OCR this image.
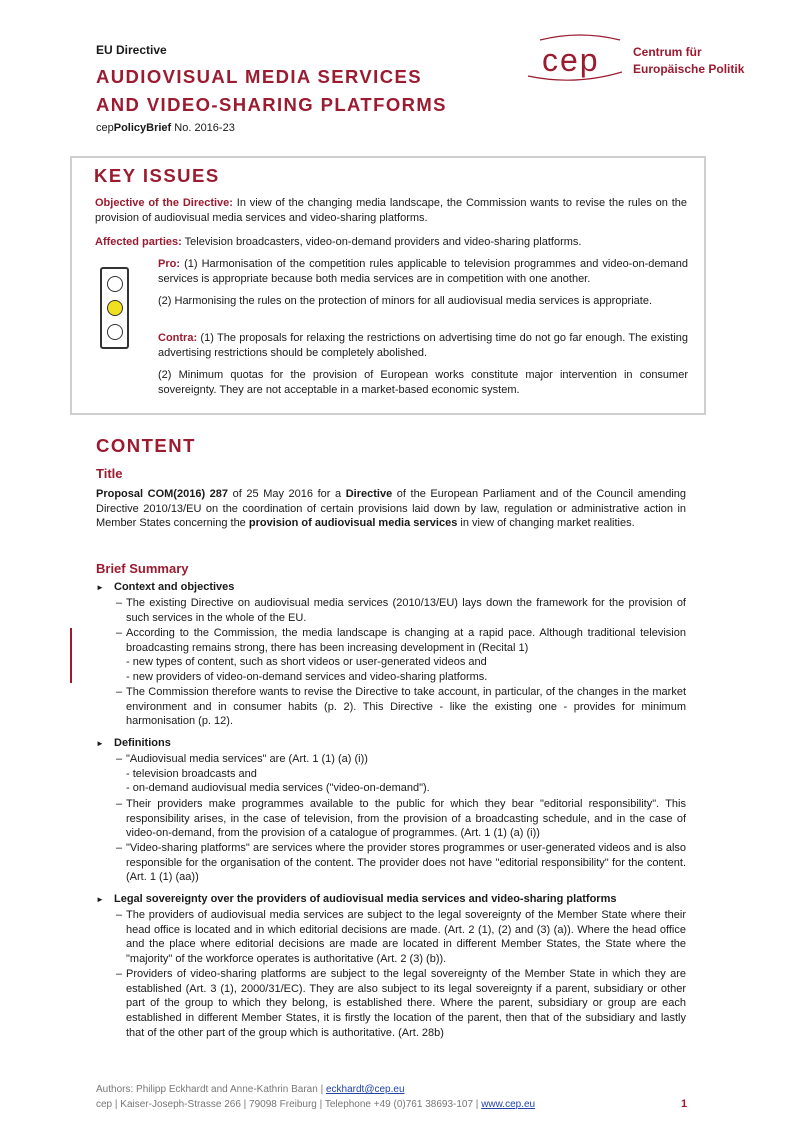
EU Directive
AUDIOVISUAL MEDIA SERVICES
AND VIDEO-SHARING PLATFORMS
cepPolicyBrief No. 2016-23
cep	Centrum für
Europäische Politik
KEY ISSUES
Objective of the Directive: In view of the changing media landscape, the Commission wants to revise the rules on the provision of audiovisual media services and video-sharing platforms.
Affected parties: Television broadcasters, video-on-demand providers and video-sharing platforms.
Pro: (1) Harmonisation of the competition rules applicable to television programmes and video-on-demand services is appropriate because both media services are in competition with one another.
(2) Harmonising the rules on the protection of minors for all audiovisual media services is appropriate.
Contra: (1) The proposals for relaxing the restrictions on advertising time do not go far enough. The existing advertising restrictions should be completely abolished.
(2) Minimum quotas for the provision of European works constitute major intervention in consumer sovereignty. They are not acceptable in a market-based economic system.
CONTENT
Title
Proposal COM(2016) 287 of 25 May 2016 for a Directive of the European Parliament and of the Council amending Directive 2010/13/EU on the coordination of certain provisions laid down by law, regulation or administrative action in Member States concerning the provision of audiovisual media services in view of changing market realities.
Brief Summary
► Context and objectives
– The existing Directive on audiovisual media services (2010/13/EU) lays down the framework for the provision of such services in the whole of the EU.
– According to the Commission, the media landscape is changing at a rapid pace. Although traditional television broadcasting remains strong, there has been increasing development in (Recital 1)
- new types of content, such as short videos or user-generated videos and
- new providers of video-on-demand services and video-sharing platforms.
– The Commission therefore wants to revise the Directive to take account, in particular, of the changes in the market environment and in consumer habits (p. 2). This Directive - like the existing one - provides for minimum harmonisation (p. 12).
► Definitions
– "Audiovisual media services" are (Art. 1 (1) (a) (i))
- television broadcasts and
- on-demand audiovisual media services ("video-on-demand").
– Their providers make programmes available to the public for which they bear "editorial responsibility". This responsibility arises, in the case of television, from the provision of a broadcasting schedule, and in the case of video-on-demand, from the provision of a catalogue of programmes. (Art. 1 (1) (a) (i))
– "Video-sharing platforms" are services where the provider stores programmes or user-generated videos and is also responsible for the organisation of the content. The provider does not have "editorial responsibility" for the content. (Art. 1 (1) (aa))
► Legal sovereignty over the providers of audiovisual media services and video-sharing platforms
– The providers of audiovisual media services are subject to the legal sovereignty of the Member State where their head office is located and in which editorial decisions are made. (Art. 2 (1), (2) and (3) (a)). Where the head office and the place where editorial decisions are made are located in different Member States, the State where the "majority" of the workforce operates is authoritative (Art. 2 (3) (b)).
– Providers of video-sharing platforms are subject to the legal sovereignty of the Member State in which they are established (Art. 3 (1), 2000/31/EC). They are also subject to its legal sovereignty if a parent, subsidiary or other part of the group to which they belong, is established there. Where the parent, subsidiary or group are each established in different Member States, it is firstly the location of the parent, then that of the subsidiary and lastly that of the other part of the group which is authoritative. (Art. 28b)
Authors: Philipp Eckhardt and Anne-Kathrin Baran | eckhardt@cep.eu
cep | Kaiser-Joseph-Strasse 266 | 79098 Freiburg | Telephone +49 (0)761 38693-107 | www.cep.eu	1
